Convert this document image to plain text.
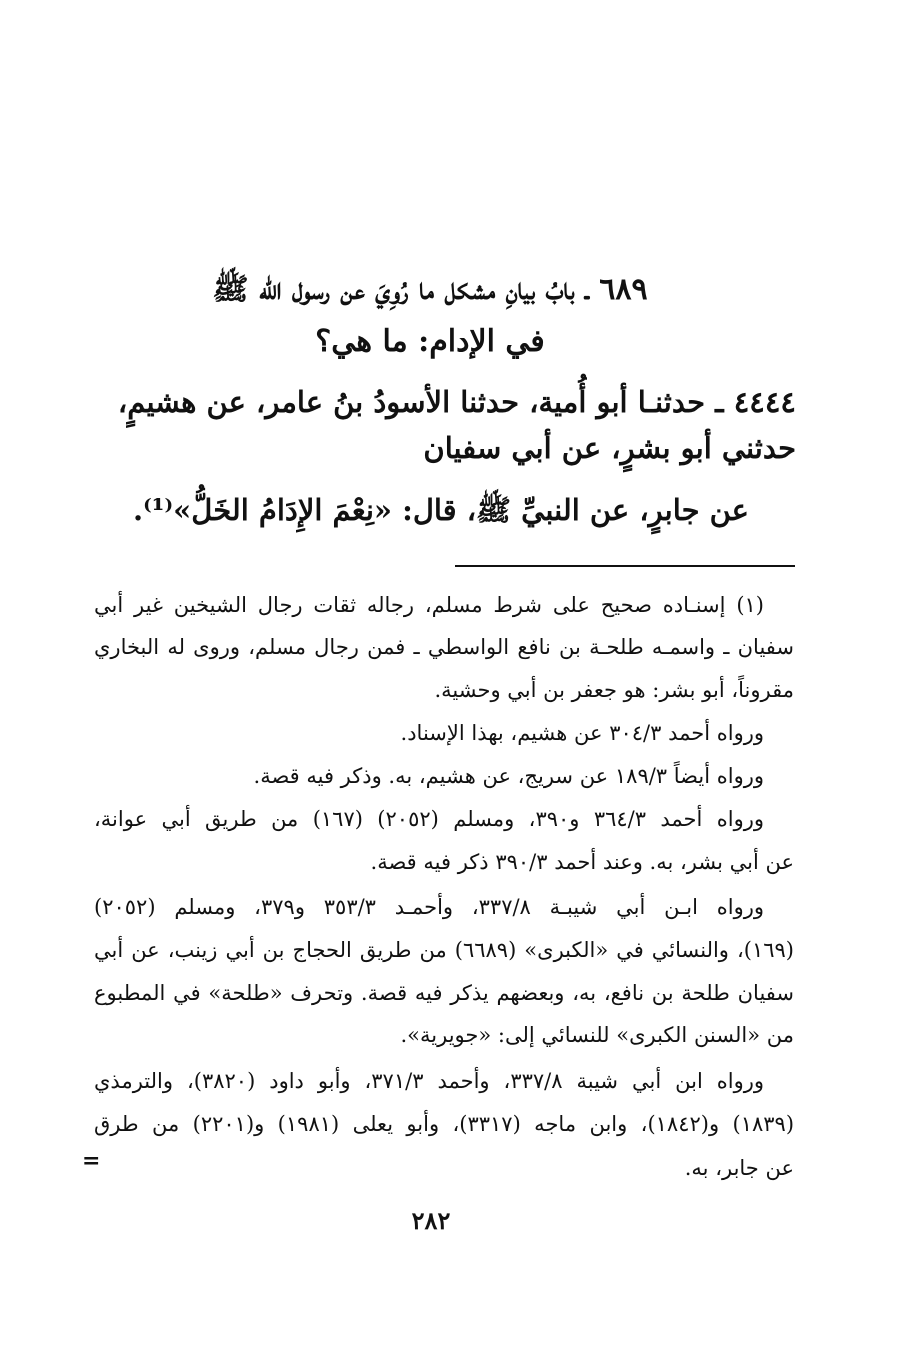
٦٨٩ ـ بابُ بيانِ مشكل ما رُوِيَ عن رسول الله ﷺ
في الإدام: ما هي؟
٤٤٤٤ ـ حدثنـا أبو أُمية، حدثنا الأسودُ بنُ عامر، عن هشيمٍ،
حدثني أبو بشرٍ، عن أبي سفيان
عن جابرٍ، عن النبيِّ ﷺ، قال: «نِعْمَ الإِدَامُ الخَلُّ»⁽¹⁾.
(١) إسنـاده صحيح على شرط مسلم، رجاله ثقات رجال الشيخين غير أبي
سفيان ـ واسمـه طلحـة بن نافع الواسطي ـ فمن رجال مسلم، وروى له البخاري
مقروناً، أبو بشر: هو جعفر بن أبي وحشية.
ورواه أحمد ٣٠٤/٣ عن هشيم، بهذا الإسناد.
ورواه أيضاً ١٨٩/٣ عن سريج، عن هشيم، به. وذكر فيه قصة.
ورواه أحمد ٣٦٤/٣ و٣٩٠، ومسلم (٢٠٥٢) (١٦٧) من طريق أبي عوانة،
عن أبي بشر، به. وعند أحمد ٣٩٠/٣ ذكر فيه قصة.
ورواه ابـن أبي شيبـة ٣٣٧/٨، وأحمـد ٣٥٣/٣ و٣٧٩، ومسلم (٢٠٥٢)
(١٦٩)، والنسائي في «الكبرى» (٦٦٨٩) من طريق الحجاج بن أبي زينب، عن أبي
سفيان طلحة بن نافع، به، وبعضهم يذكر فيه قصة. وتحرف «طلحة» في المطبوع
من «السنن الكبرى» للنسائي إلى: «جويرية».
ورواه ابن أبي شيبة ٣٣٧/٨، وأحمد ٣٧١/٣، وأبو داود (٣٨٢٠)، والترمذي
(١٨٣٩) و(١٨٤٢)، وابن ماجه (٣٣١٧)، وأبو يعلى (١٩٨١) و(٢٢٠١) من طرق
عن جابر، به.
=
٢٨٢
